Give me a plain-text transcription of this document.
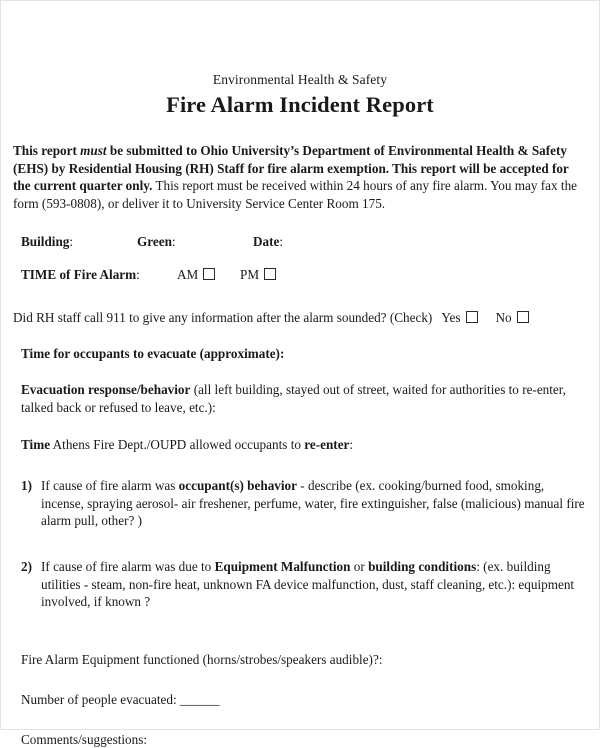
Environmental Health & Safety
Fire Alarm Incident Report
This report must be submitted to Ohio University’s Department of Environmental Health & Safety (EHS) by Residential Housing (RH) Staff for fire alarm exemption. This report will be accepted for the current quarter only. This report must be received within 24 hours of any fire alarm. You may fax the form (593-0808), or deliver it to University Service Center Room 175.
Building:	Green:	Date:
TIME of Fire Alarm:	AM	PM
Did RH staff call 911 to give any information after the alarm sounded? (Check) Yes	No
Time for occupants to evacuate (approximate):
Evacuation response/behavior (all left building, stayed out of street, waited for authorities to re-enter, talked back or refused to leave, etc.):
Time Athens Fire Dept./OUPD allowed occupants to re-enter:
1) If cause of fire alarm was occupant(s) behavior - describe (ex. cooking/burned food, smoking, incense, spraying aerosol- air freshener, perfume, water, fire extinguisher, false (malicious) manual fire alarm pull, other? )
2) If cause of fire alarm was due to Equipment Malfunction or building conditions: (ex. building utilities - steam, non-fire heat, unknown FA device malfunction, dust, staff cleaning, etc.): equipment involved, if known ?
Fire Alarm Equipment functioned (horns/strobes/speakers audible)?:
Number of people evacuated: ______
Comments/suggestions:
